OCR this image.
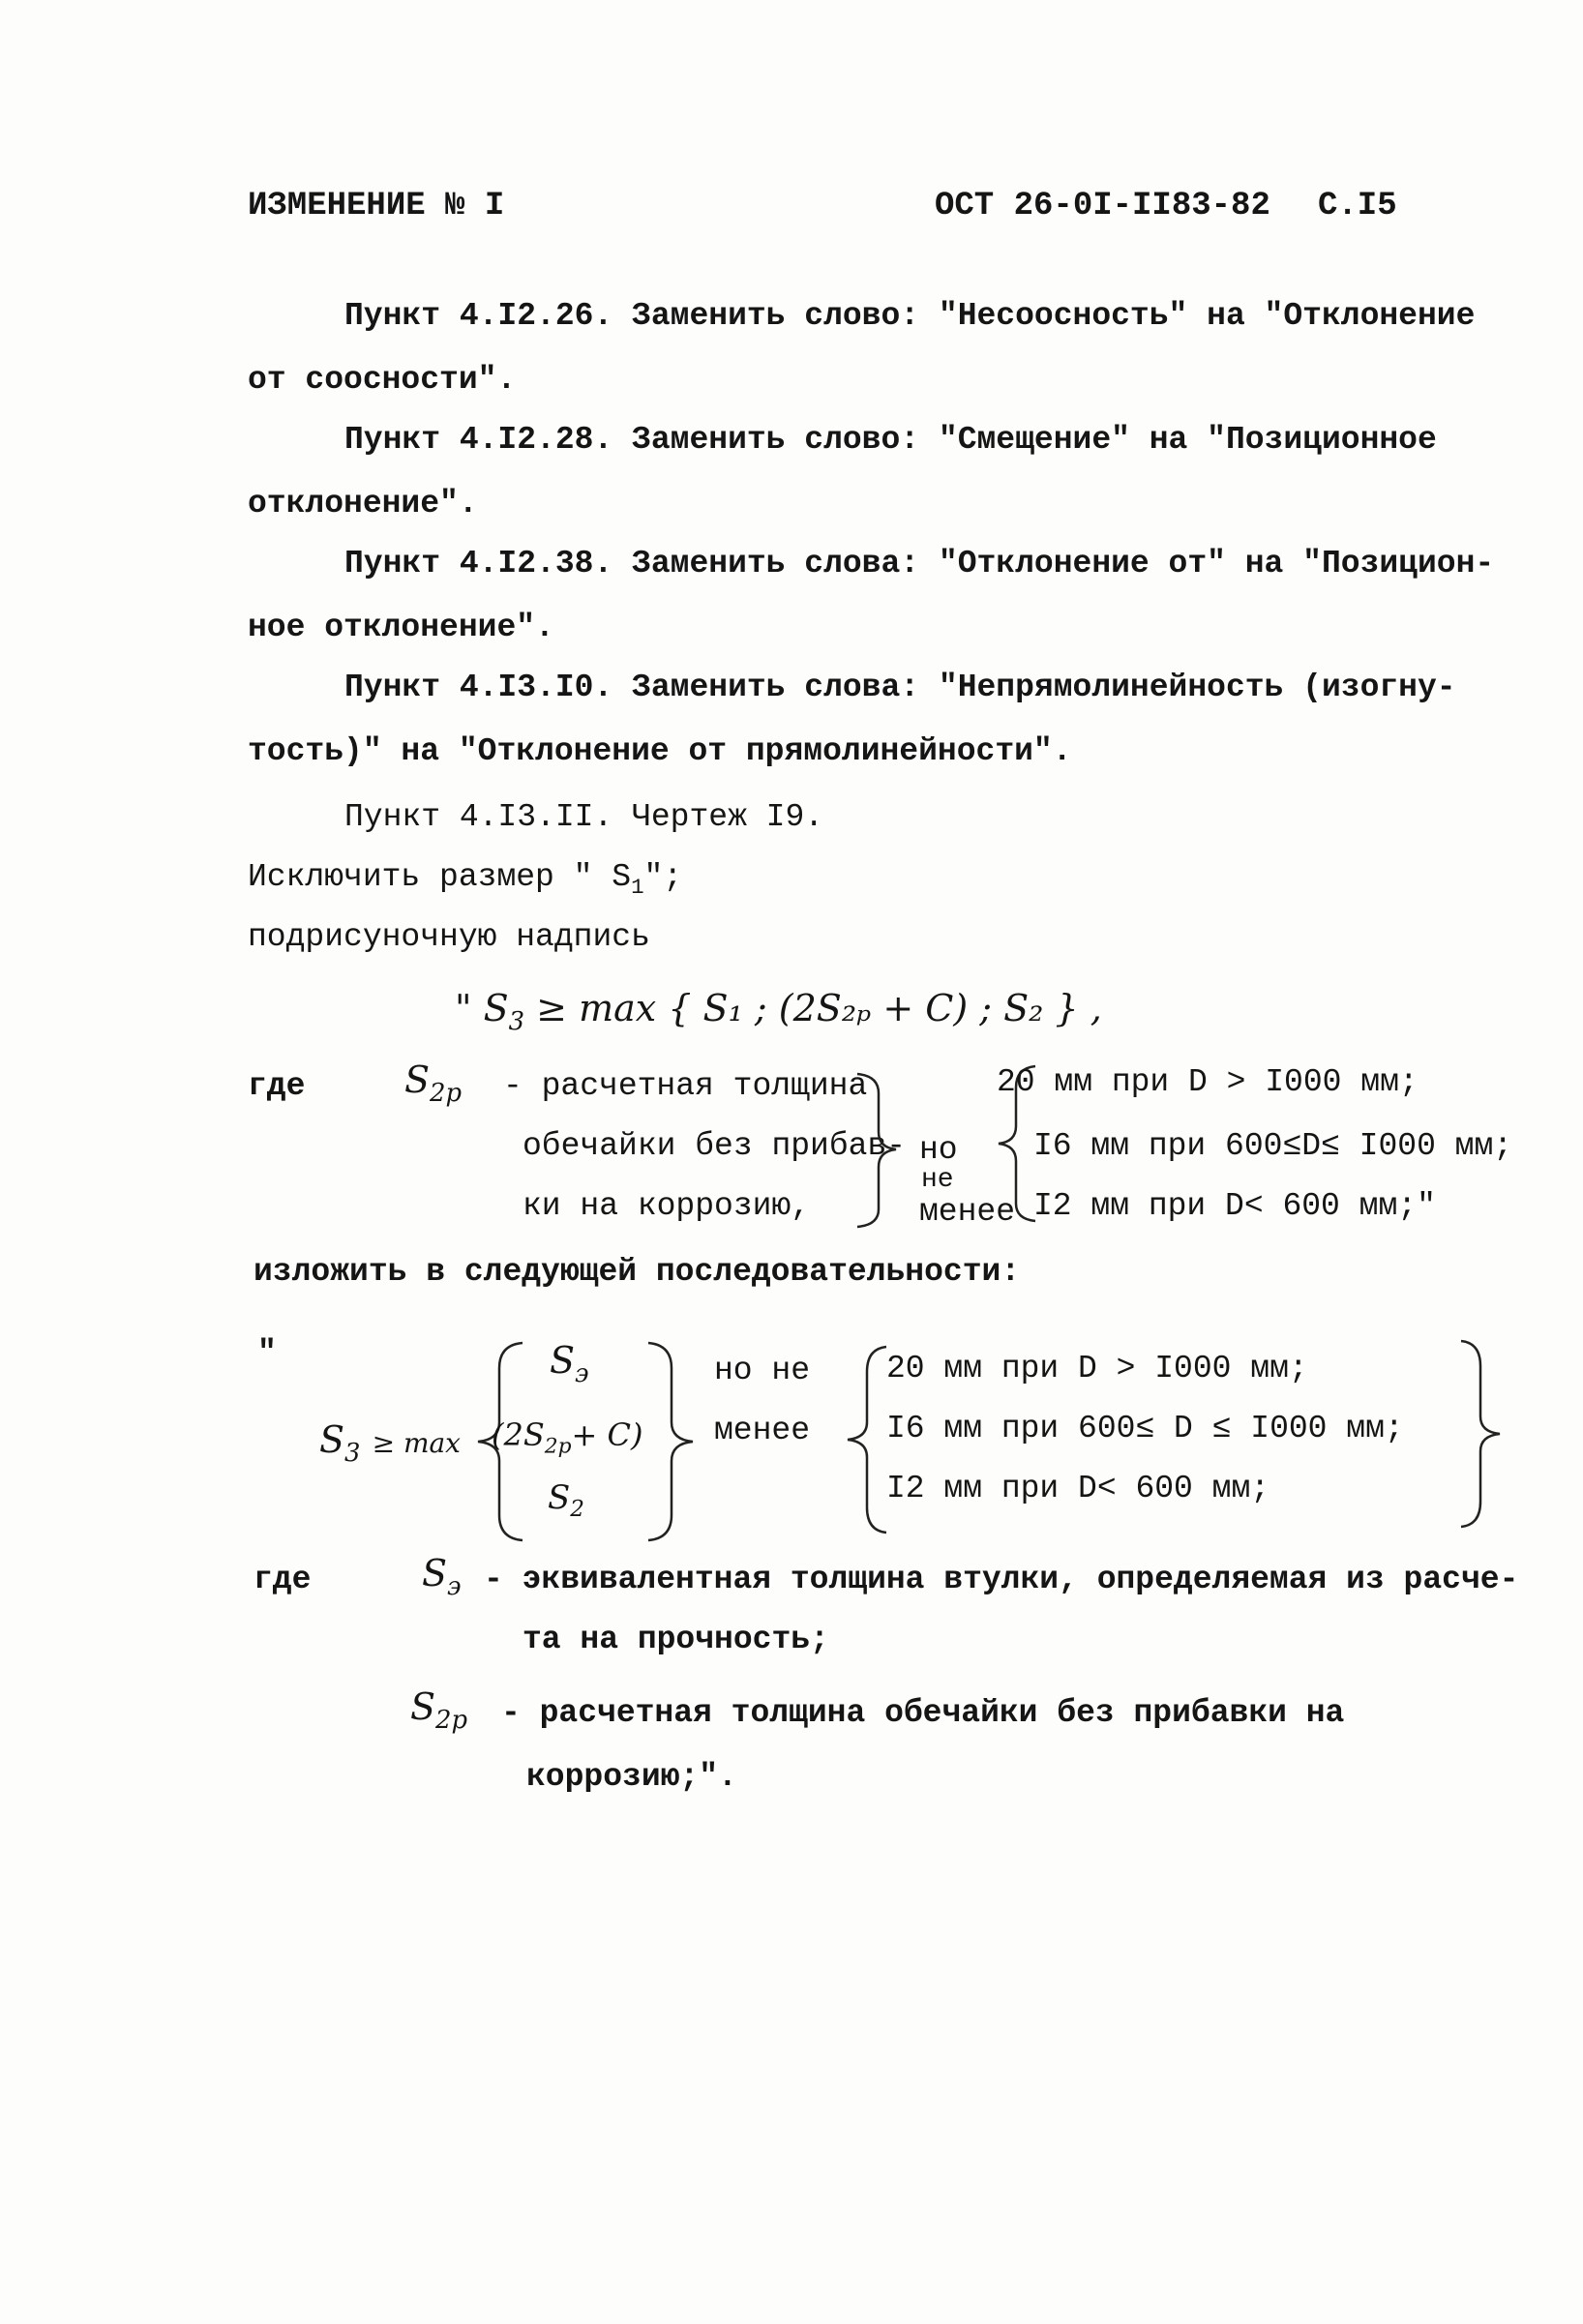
ИЗМЕНЕНИЕ № I	ОСТ 26-0I-II83-82 С.I5
Пункт 4.I2.26. Заменить слово: "Несоосность" на "Отклонение
от соосности".
Пункт 4.I2.28. Заменить слово: "Смещение" на "Позиционное
отклонение".
Пункт 4.I2.38. Заменить слова: "Отклонение от" на "Позицион-
ное отклонение".
Пункт 4.I3.I0. Заменить слова: "Непрямолинейность (изогну-
тость)" на "Отклонение от прямолинейности".
Пункт 4.I3.II. Чертеж I9.
Исключить размер " $S_1$";
подрисуночную надпись
" $S_3 \ge \max$ { S₁ ; (2S₂ₚ + C) ; S₂ } ,
где	$S_{2p}$ - расчетная толщина
обечайки без прибав-
ки на коррозию,
но
не
менее
20 мм при D > I000 мм;
I6 мм при 600≤D≤ I000 мм;
I2 мм при D< 600 мм;"
изложить в следующей последовательности:
"
$S_3 \ge \max$
$S_э$
$(2S_{2p}+ C)$
$S_2$
но не
менее
20 мм при D > I000 мм;
I6 мм при 600≤ D ≤ I000 мм;
I2 мм при D< 600 мм;
где	$S_э$ - эквивалентная толщина втулки, определяемая из расче-
та на прочность;
$S_{2p}$ - расчетная толщина обечайки без прибавки на
коррозию;".
